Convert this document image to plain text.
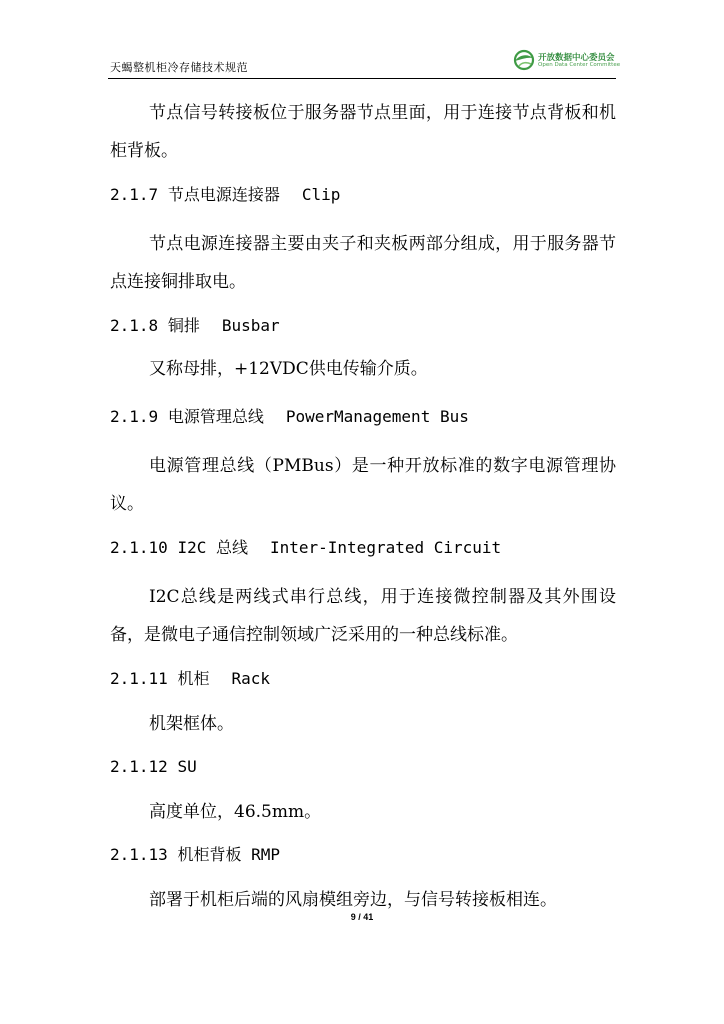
天蝎整机柜冷存储技术规范
开放数据中心委员会
Open Data Center Committee

节点信号转接板位于服务器节点里面，用于连接节点背板和机柜背板。

2.1.7 节点电源连接器 Clip

节点电源连接器主要由夹子和夹板两部分组成，用于服务器节点连接铜排取电。

2.1.8 铜排 Busbar

又称母排，+12VDC供电传输介质。

2.1.9 电源管理总线 PowerManagement Bus

电源管理总线（PMBus）是一种开放标准的数字电源管理协议。

2.1.10 I2C 总线 Inter-Integrated Circuit

I2C总线是两线式串行总线，用于连接微控制器及其外围设备，是微电子通信控制领域广泛采用的一种总线标准。

2.1.11 机柜 Rack

机架框体。

2.1.12 SU

高度单位，46.5mm。

2.1.13 机柜背板 RMP

部署于机柜后端的风扇模组旁边，与信号转接板相连。

9 / 41
